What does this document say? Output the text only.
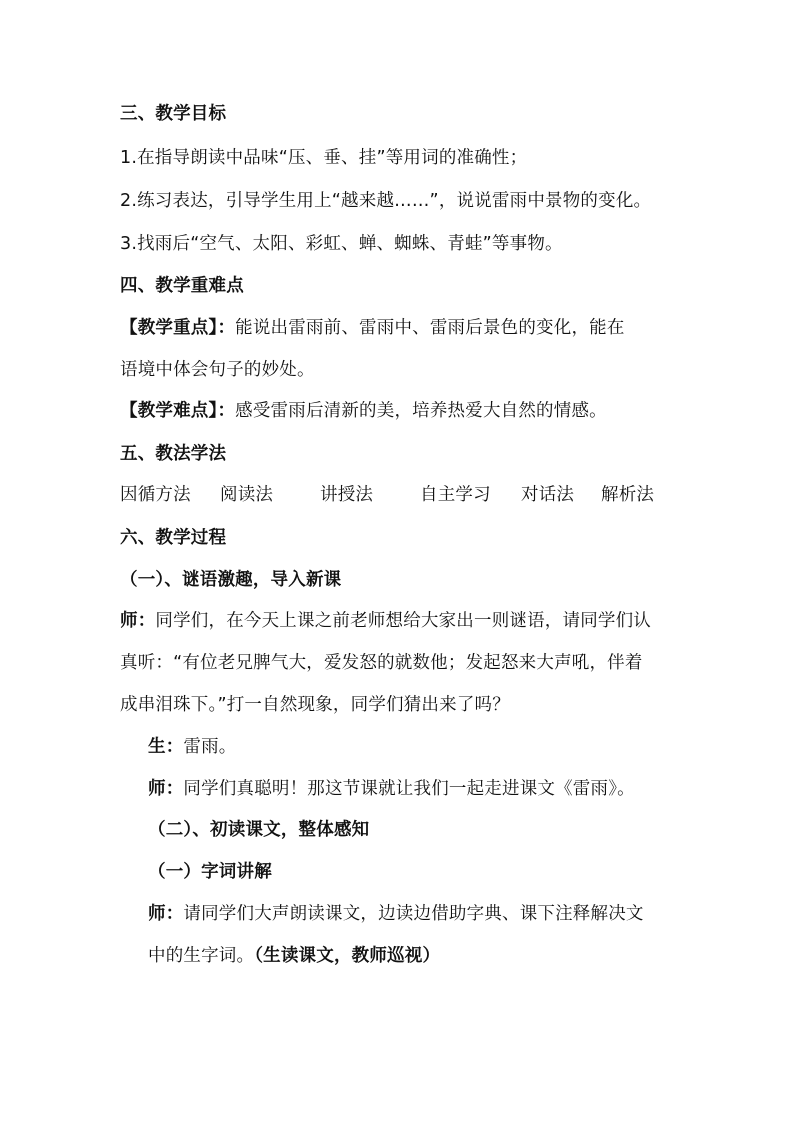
三、教学目标
1.在指导朗读中品味“压、垂、挂”等用词的准确性；
2.练习表达，引导学生用上“越来越……”，说说雷雨中景物的变化。
3.找雨后“空气、太阳、彩虹、蝉、蜘蛛、青蛙”等事物。
四、教学重难点
【教学重点】：能说出雷雨前、雷雨中、雷雨后景色的变化，能在
语境中体会句子的妙处。
【教学难点】：感受雷雨后清新的美，培养热爱大自然的情感。
五、教法学法
因循方法 阅读法	讲授法	自主学习 对话法 解析法
六、教学过程
（一）、谜语激趣，导入新课
师：同学们，在今天上课之前老师想给大家出一则谜语，请同学们认
真听：“有位老兄脾气大，爱发怒的就数他；发起怒来大声吼，伴着
成串泪珠下。”打一自然现象，同学们猜出来了吗？
生：雷雨。
师：同学们真聪明！那这节课就让我们一起走进课文《雷雨》。
（二）、初读课文，整体感知
（一）字词讲解
师：请同学们大声朗读课文，边读边借助字典、课下注释解决文
中的生字词。（生读课文，教师巡视）
